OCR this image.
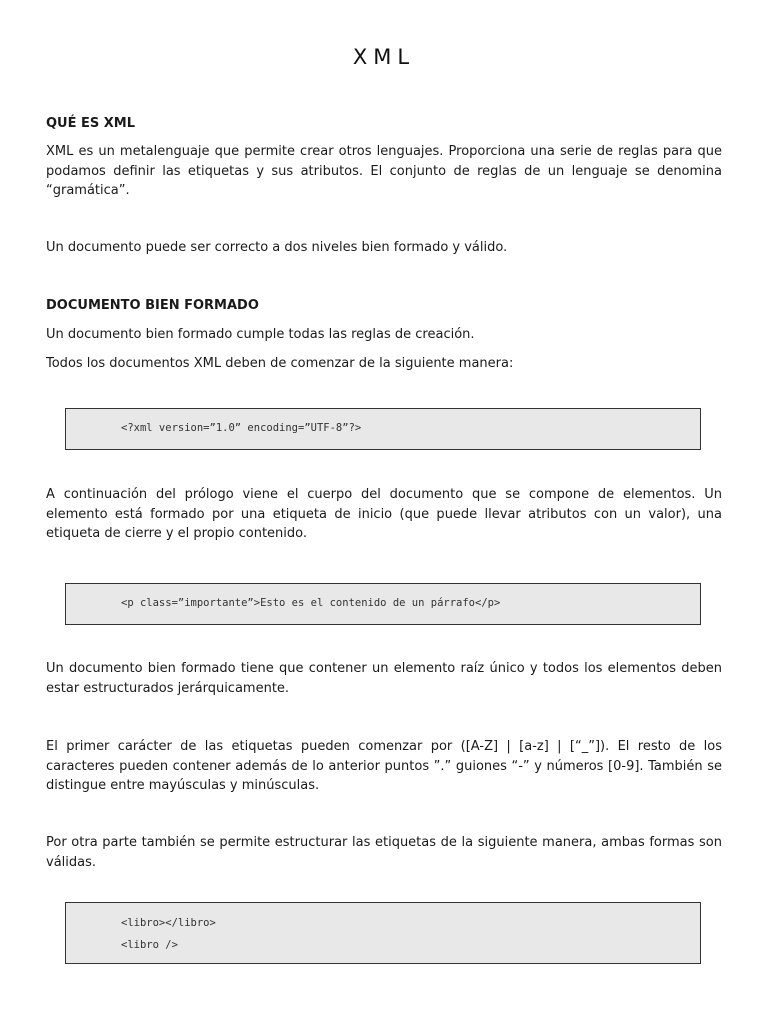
XML
QUÉ ES XML
XML es un metalenguaje que permite crear otros lenguajes. Proporciona una serie de reglas para que podamos definir las etiquetas y sus atributos. El conjunto de reglas de un lenguaje se denomina “gramática”.
Un documento puede ser correcto a dos niveles bien formado y válido.
DOCUMENTO BIEN FORMADO
Un documento bien formado cumple todas las reglas de creación.
Todos los documentos XML deben de comenzar de la siguiente manera:
<?xml version=”1.0” encoding=”UTF-8”?>
A continuación del prólogo viene el cuerpo del documento que se compone de elementos. Un elemento está formado por una etiqueta de inicio (que puede llevar atributos con un valor), una etiqueta de cierre y el propio contenido.
<p class=”importante”>Esto es el contenido de un párrafo</p>
Un documento bien formado tiene que contener un elemento raíz único y todos los elementos deben estar estructurados jerárquicamente.
El primer carácter de las etiquetas pueden comenzar por ([A-Z] | [a-z] | [“_”]). El resto de los caracteres pueden contener además de lo anterior puntos ”.” guiones “-” y números [0-9]. También se distingue entre mayúsculas y minúsculas.
Por otra parte también se permite estructurar las etiquetas de la siguiente manera, ambas formas son válidas.
<libro></libro>
<libro />
